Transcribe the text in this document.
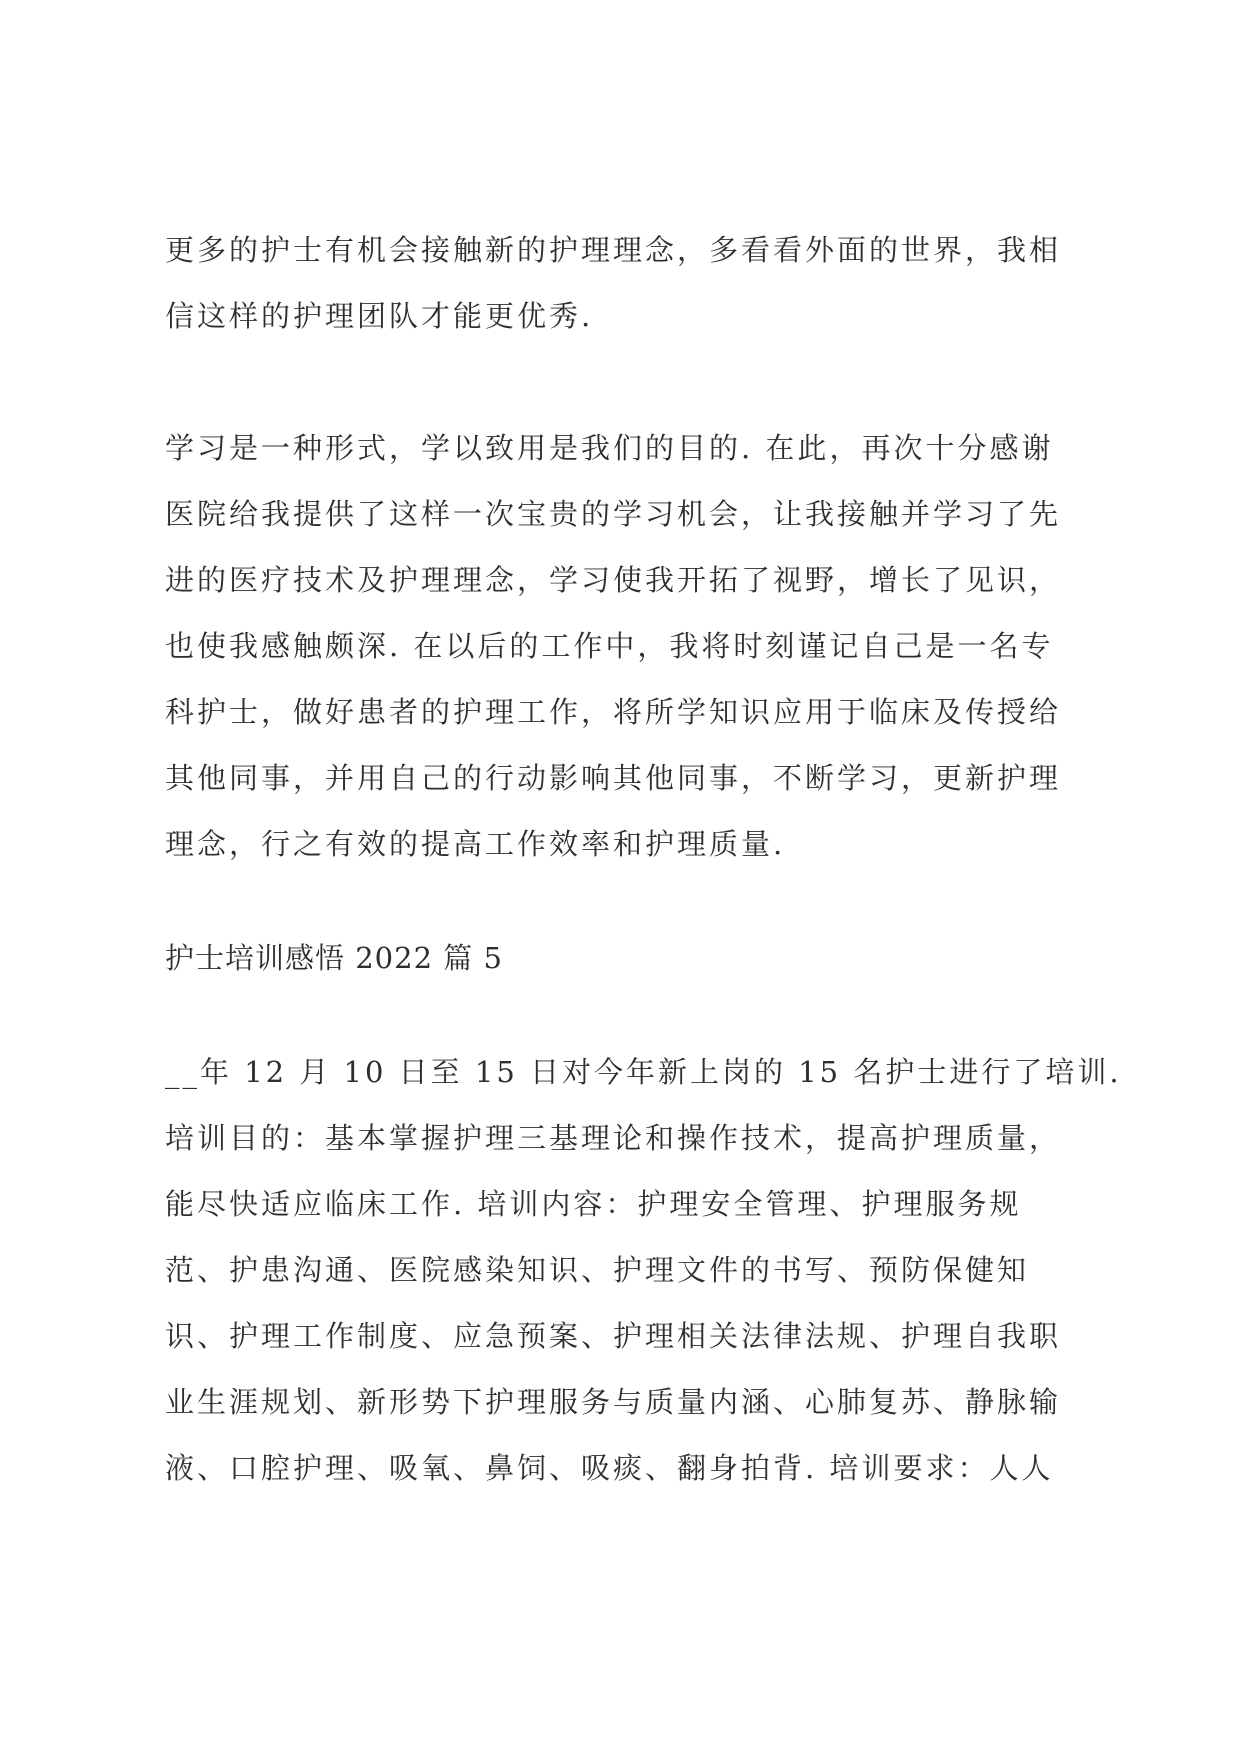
更多的护士有机会接触新的护理理念，多看看外面的世界，我相
信这样的护理团队才能更优秀.
学习是一种形式，学以致用是我们的目的. 在此，再次十分感谢
医院给我提供了这样一次宝贵的学习机会，让我接触并学习了先
进的医疗技术及护理理念，学习使我开拓了视野，增长了见识，
也使我感触颇深. 在以后的工作中，我将时刻谨记自己是一名专
科护士，做好患者的护理工作，将所学知识应用于临床及传授给
其他同事，并用自己的行动影响其他同事，不断学习，更新护理
理念，行之有效的提高工作效率和护理质量.
护士培训感悟 2022 篇 5
__年 12 月 10 日至 15 日对今年新上岗的 15 名护士进行了培训.
培训目的：基本掌握护理三基理论和操作技术，提高护理质量，
能尽快适应临床工作. 培训内容：护理安全管理、护理服务规
范、护患沟通、医院感染知识、护理文件的书写、预防保健知
识、护理工作制度、应急预案、护理相关法律法规、护理自我职
业生涯规划、新形势下护理服务与质量内涵、心肺复苏、静脉输
液、口腔护理、吸氧、鼻饲、吸痰、翻身拍背. 培训要求：人人
